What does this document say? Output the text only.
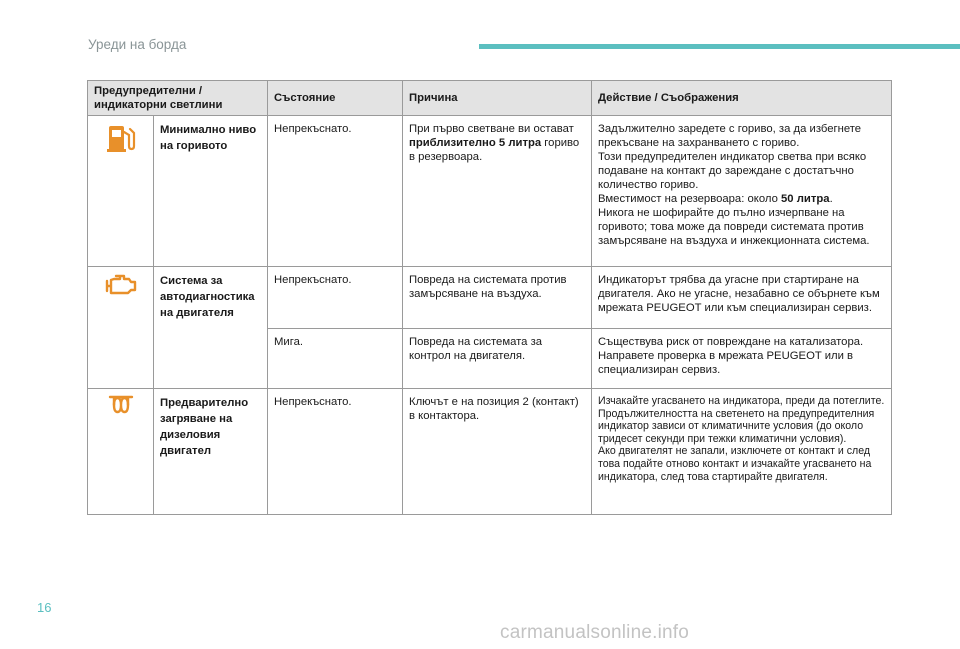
Уреди на борда
Предупредителни / индикаторни светлини		Състояние	Причина	Действие / Съображения
	Минимално ниво на горивото	Непрекъснато.	При първо светване ви остават приблизително 5 литра гориво в резервоара.	Задължително заредете с гориво, за да избегнете прекъсване на захранването с гориво.
Този предупредителен индикатор светва при всяко подаване на контакт до зареждане с достатъчно количество гориво.
Вместимост на резервоара: около 50 литра.
Никога не шофирайте до пълно изчерпване на горивото; това може да повреди системата против замърсяване на въздуха и инжекционната система.

	Система за автодиагностика на двигателя	Непрекъснато.	Повреда на системата против замърсяване на въздуха.	Индикаторът трябва да угасне при стартиране на двигателя. Ако не угасне, незабавно се обърнете към мрежата PEUGEOT или към специализиран сервиз.
		Мига.	Повреда на системата за контрол на двигателя.	Съществува риск от повреждане на катализатора. Направете проверка в мрежата PEUGEOT или в специализиран сервиз.
	Предварително загряване на дизеловия двигател	Непрекъснато.	Ключът е на позиция 2 (контакт) в контактора.	Изчакайте угасването на индикатора, преди да потеглите.
Продължителността на светенето на предупредителния индикатор зависи от климатичните условия (до около тридесет секунди при тежки климатични условия).
Ако двигателят не запали, изключете от контакт и след това подайте отново контакт и изчакайте угасването на индикатора, след това стартирайте двигателя.
16
carmanualsonline.info
